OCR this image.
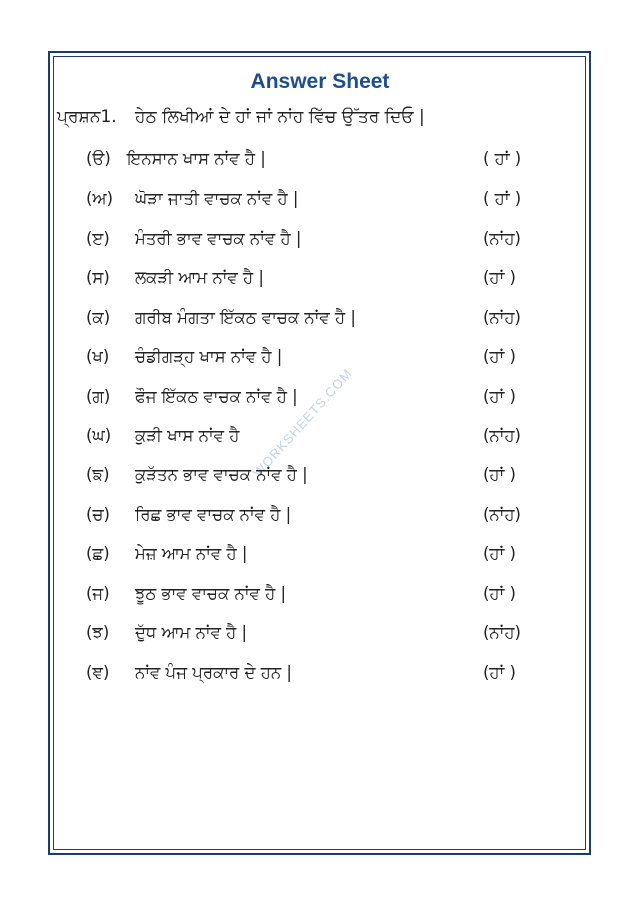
WORKSHEETS.COM
Answer Sheet
ਪ੍ਰਸ਼ਨ1. ਹੇਠ ਲਿਖੀਆਂ ਦੇ ਹਾਂ ਜਾਂ ਨਾਂਹ ਵਿੱਚ ਉੱਤਰ ਦਿਓ |
(ੳ) ਇਨਸਾਨ ਖਾਸ ਨਾਂਵ ਹੈ |	( ਹਾਂ )
(ਅ) ਘੋੜਾ ਜਾਤੀ ਵਾਚਕ ਨਾਂਵ ਹੈ |	( ਹਾਂ )
(ੲ) ਮੰਤਰੀ ਭਾਵ ਵਾਚਕ ਨਾਂਵ ਹੈ |	(ਨਾਂਹ)
(ਸ) ਲਕੜੀ ਆਮ ਨਾਂਵ ਹੈ |	(ਹਾਂ )
(ਕ) ਗਰੀਬ ਮੰਗਤਾ ਇੱਕਠ ਵਾਚਕ ਨਾਂਵ ਹੈ |	(ਨਾਂਹ)
(ਖ) ਚੰਡੀਗੜ੍ਹ ਖਾਸ ਨਾਂਵ ਹੈ |	(ਹਾਂ )
(ਗ) ਫੌਜ ਇੱਕਠ ਵਾਚਕ ਨਾਂਵ ਹੈ |	(ਹਾਂ )
(ਘ) ਕੁੜੀ ਖਾਸ ਨਾਂਵ ਹੈ	(ਨਾਂਹ)
(ਙ) ਕੁੜੱਤਨ ਭਾਵ ਵਾਚਕ ਨਾਂਵ ਹੈ |	(ਹਾਂ )
(ਚ) ਰਿਛ ਭਾਵ ਵਾਚਕ ਨਾਂਵ ਹੈ |	(ਨਾਂਹ)
(ਛ) ਮੇਜ਼ ਆਮ ਨਾਂਵ ਹੈ |	(ਹਾਂ )
(ਜ) ਝੂਠ ਭਾਵ ਵਾਚਕ ਨਾਂਵ ਹੈ |	(ਹਾਂ )
(ਝ) ਦੁੱਧ ਆਮ ਨਾਂਵ ਹੈ |	(ਨਾਂਹ)
(ਞ) ਨਾਂਵ ਪੰਜ ਪ੍ਰਕਾਰ ਦੇ ਹਨ |	(ਹਾਂ )
